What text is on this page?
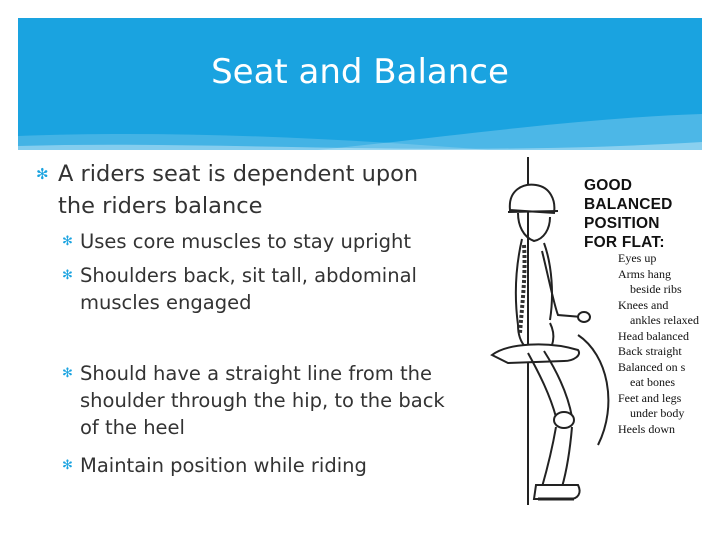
Seat and Balance
✻ A riders seat is dependent upon the riders balance
✻ Uses core muscles to stay upright
✻ Shoulders back, sit tall, abdominal muscles engaged
✻ Should have a straight line from the shoulder through the hip, to the back of the heel
✻ Maintain position while riding
GOOD
BALANCED
POSITION
FOR FLAT:
Eyes up
Arms hang
beside ribs
Knees and
ankles relaxed
Head balanced
Back straight
Balanced on s
eat bones
Feet and legs
under body
Heels down
